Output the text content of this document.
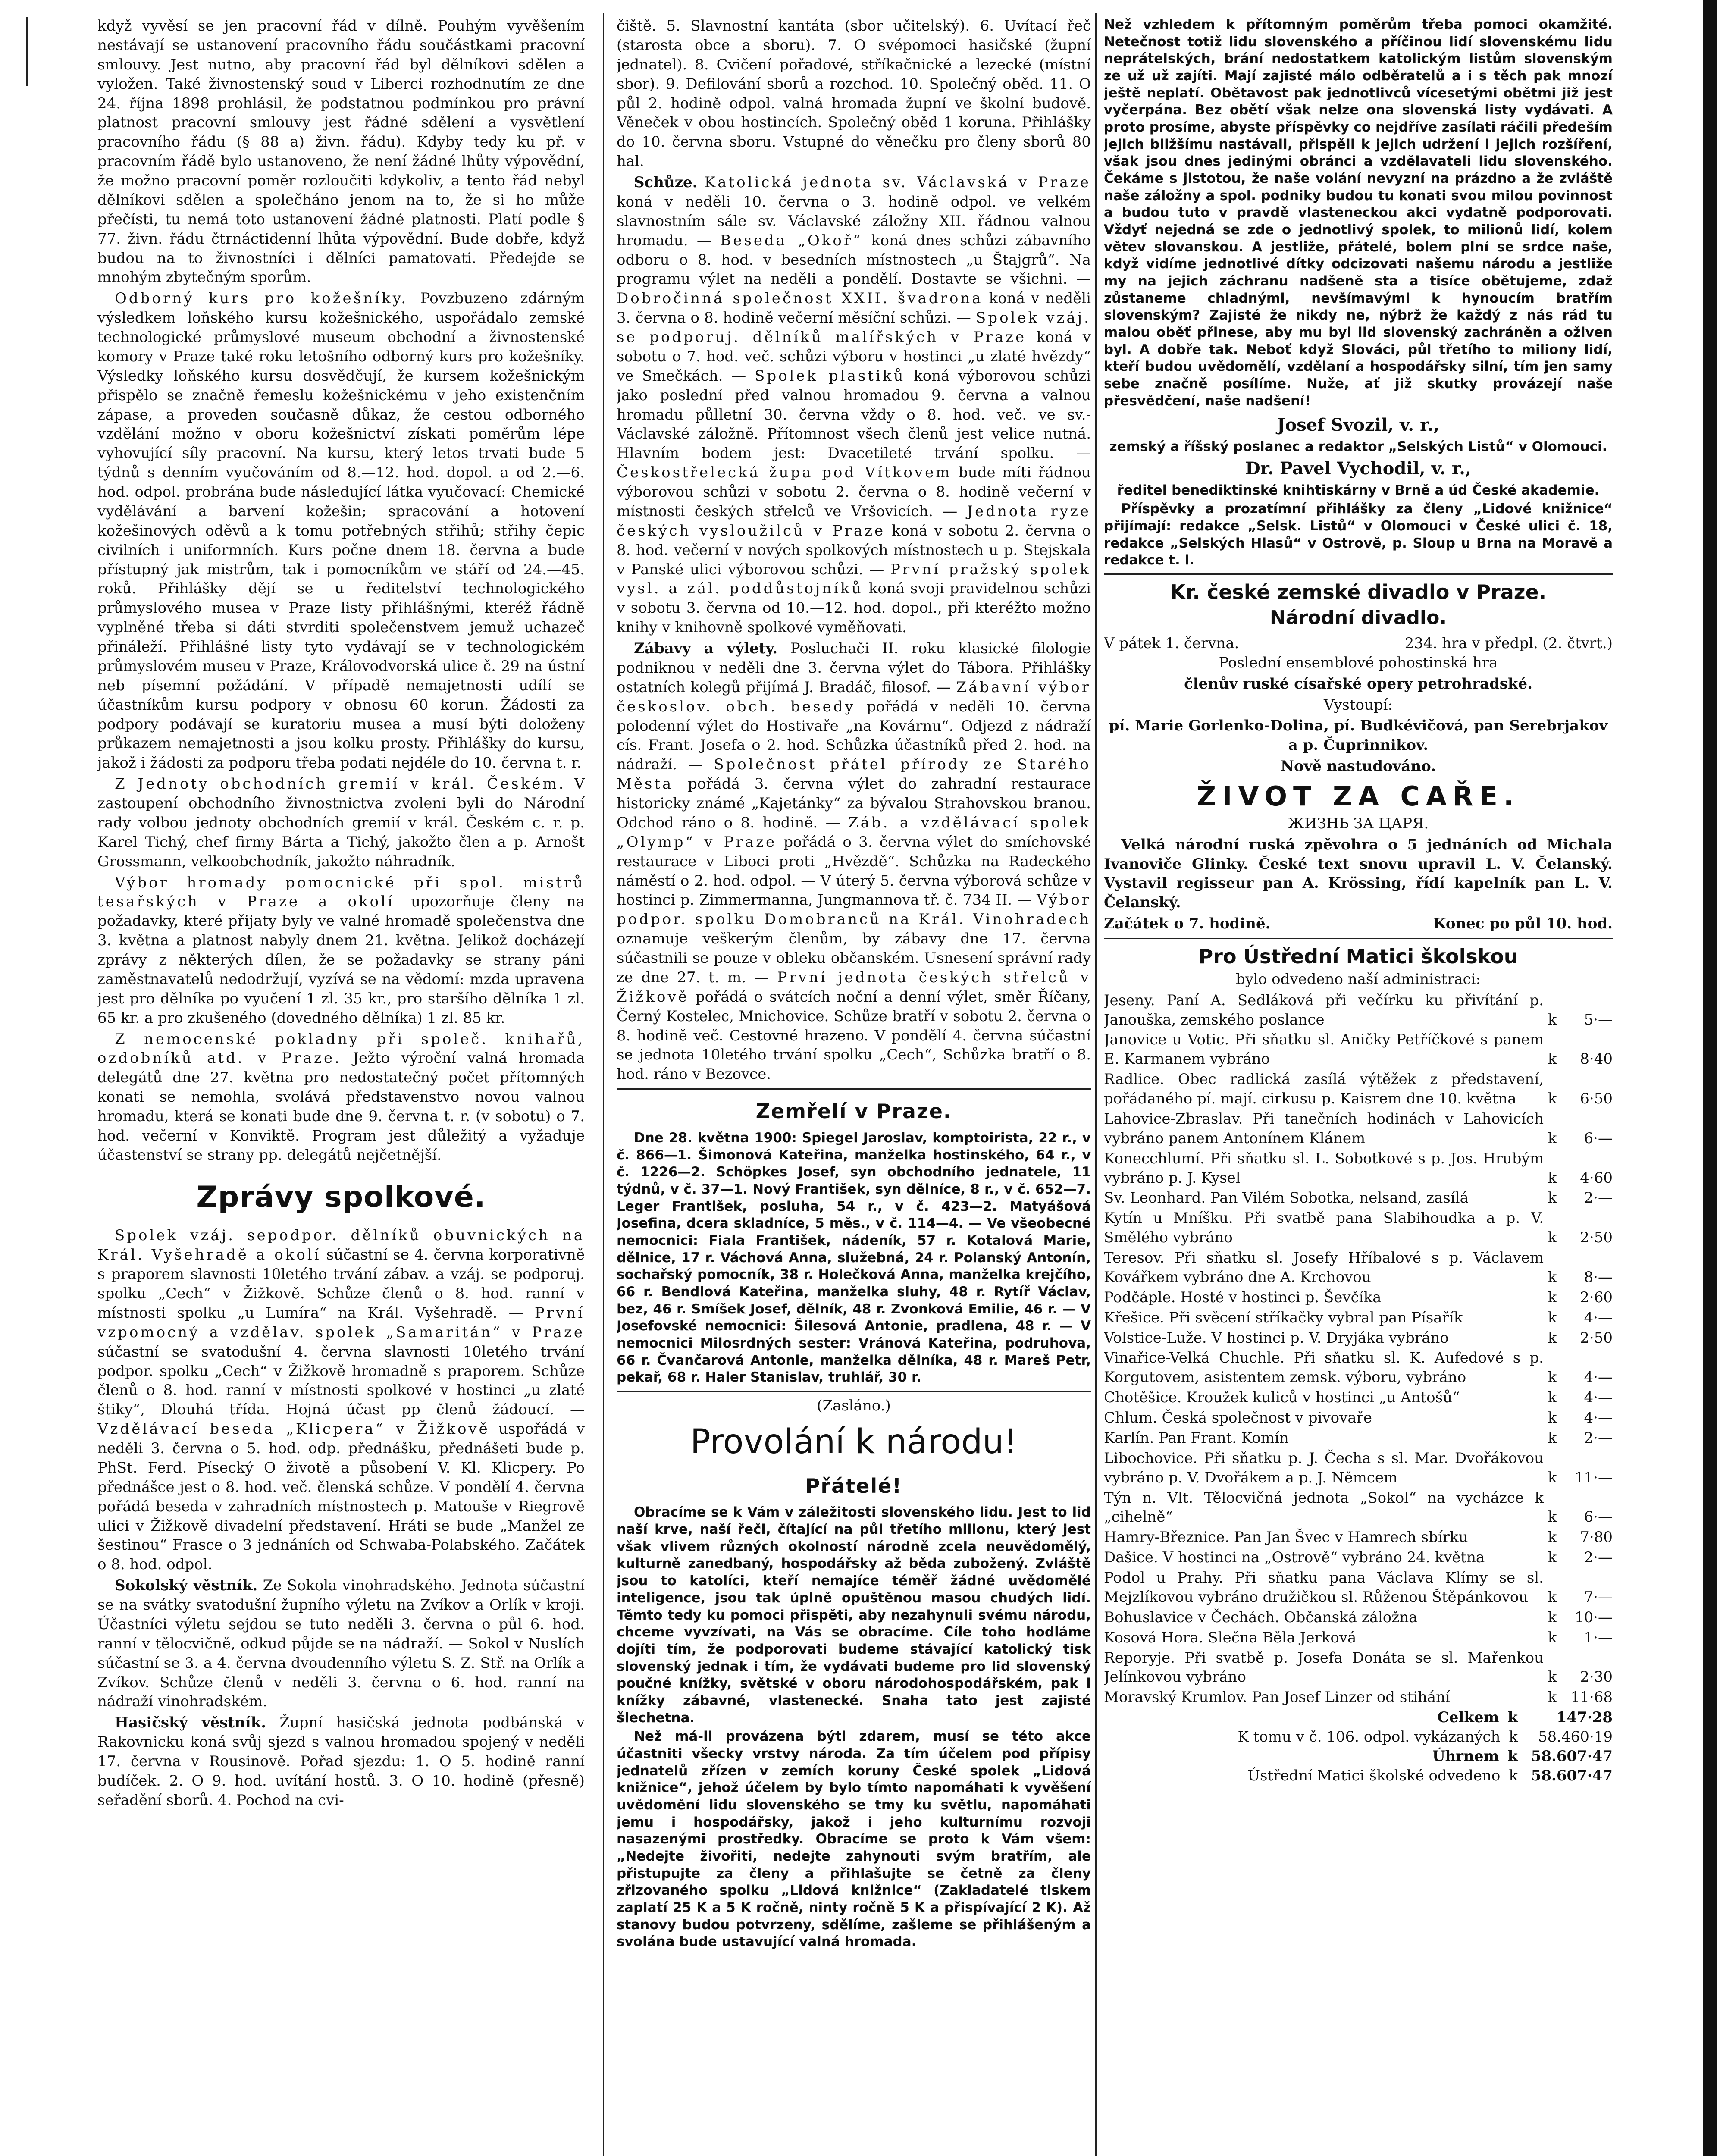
když vyvěsí se jen pracovní řád v dílně. Pouhým vyvěšením nestávají se ustanovení pracovního řádu součástkami pracovní smlouvy. Jest nutno, aby pracovní řád byl dělníkovi sdělen a vyložen. Také živnostenský soud v Liberci rozhodnutím ze dne 24. října 1898 prohlásil, že podstatnou podmínkou pro právní platnost pracovní smlouvy jest řádné sdělení a vysvětlení pracovního řádu (§ 88 a) živn. řádu). Kdyby tedy ku př. v pracovním řádě bylo ustanoveno, že není žádné lhůty výpovědní, že možno pracovní poměr rozloučiti kdykoliv, a tento řád nebyl dělníkovi sdělen a společháno jenom na to, že si ho může přečísti, tu nemá toto ustanovení žádné platnosti. Platí podle § 77. živn. řádu čtrnáctidenní lhůta výpovědní. Bude dobře, když budou na to živnostníci i dělníci pamatovati. Předejde se mnohým zbytečným sporům.

Odborný kurs pro kožešníky. Povzbuzeno zdárným výsledkem loňského kursu kožešnického, uspořádalo zemské technologické průmyslové museum obchodní a živnostenské komory v Praze také roku letošního odborný kurs pro kožešníky. Výsledky loňského kursu dosvědčují, že kursem kožešnickým přispělo se značně řemeslu kožešnickému v jeho existenčním zápase, a proveden současně důkaz, že cestou odborného vzdělání možno v oboru kožešnictví získati poměrům lépe vyhovující síly pracovní. Na kursu, který letos trvati bude 5 týdnů s denním vyučováním od 8.—12. hod. dopol. a od 2.—6. hod. odpol. probrána bude následující látka vyučovací: Chemické vydělávání a barvení kožešin; spracování a hotovení kožešinových oděvů a k tomu potřebných střihů; střihy čepic civilních i uniformních. Kurs počne dnem 18. června a bude přístupný jak mistrům, tak i pomocníkům ve stáří od 24.—45. roků. Přihlášky dějí se u ředitelství technologického průmyslového musea v Praze listy přihlášnými, kteréž řádně vyplněné třeba si dáti stvrditi společenstvem jemuž uchazeč přináleží. Přihlášné listy tyto vydávají se v technologickém průmyslovém museu v Praze, Královodvorská ulice č. 29 na ústní neb písemní požádání. V případě nemajetnosti udílí se účastníkům kursu podpory v obnosu 60 korun. Žádosti za podpory podávají se kuratoriu musea a musí býti doloženy průkazem nemajetnosti a jsou kolku prosty. Přihlášky do kursu, jakož i žádosti za podporu třeba podati nejdéle do 10. června t. r.

Z Jednoty obchodních gremií v král. Českém. V zastoupení obchodního živnostnictva zvoleni byli do Národní rady volbou jednoty obchodních gremií v král. Českém c. r. p. Karel Tichý, chef firmy Bárta a Tichý, jakožto člen a p. Arnošt Grossmann, velkoobchodník, jakožto náhradník.

Výbor hromady pomocnické při spol. mistrů tesařských v Praze a okolí upozorňuje členy na požadavky, které přijaty byly ve valné hromadě společenstva dne 3. května a platnost nabyly dnem 21. května. Jelikož docházejí zprávy z některých dílen, že se požadavky se strany páni zaměstnavatelů nedodržují, vyzívá se na vědomí: mzda upravena jest pro dělníka po vyučení 1 zl. 35 kr., pro staršího dělníka 1 zl. 65 kr. a pro zkušeného (dovedného dělníka) 1 zl. 85 kr.

Z nemocenské pokladny při společ. knihařů, ozdobníků atd. v Praze. Ježto výroční valná hromada delegátů dne 27. května pro nedostatečný počet přítomných konati se nemohla, svolává představenstvo novou valnou hromadu, která se konati bude dne 9. června t. r. (v sobotu) o 7. hod. večerní v Konviktě. Program jest důležitý a vyžaduje účastenství se strany pp. delegátů nejčetnější.

Zprávy spolkové.

Spolek vzáj. sepodpor. dělníků obuvnických na Král. Vyšehradě a okolí súčastní se 4. června korporativně s praporem slavnosti 10letého trvání zábav. a vzáj. se podporuj. spolku „Cech“ v Žižkově. Schůze členů o 8. hod. ranní v místnosti spolku „u Lumíra“ na Král. Vyšehradě. — První vzpomocný a vzdělav. spolek „Samaritán“ v Praze súčastní se svatodušní 4. června slavnosti 10letého trvání podpor. spolku „Cech“ v Žižkově hromadně s praporem. Schůze členů o 8. hod. ranní v místnosti spolkové v hostinci „u zlaté štiky“, Dlouhá třída. Hojná účast pp členů žádoucí. — Vzdělávací beseda „Klicpera“ v Žižkově uspořádá v neděli 3. června o 5. hod. odp. přednášku, přednášeti bude p. PhSt. Ferd. Písecký O životě a působení V. Kl. Klicpery. Po přednášce jest o 8. hod. več. členská schůze. V pondělí 4. června pořádá beseda v zahradních místnostech p. Matouše v Riegrově ulici v Žižkově divadelní představení. Hráti se bude „Manžel ze šestinou“ Frasce o 3 jednáních od Schwaba-Polabského. Začátek o 8. hod. odpol.

Sokolský věstník. Ze Sokola vinohradského. Jednota súčastní se na svátky svatodušní župního výletu na Zvíkov a Orlík v kroji. Účastníci výletu sejdou se tuto neděli 3. června o půl 6. hod. ranní v tělocvičně, odkud půjde se na nádraží. — Sokol v Nuslích súčastní se 3. a 4. června dvoudenního výletu S. Z. Stř. na Orlík a Zvíkov. Schůze členů v neděli 3. června o 6. hod. ranní na nádraží vinohradském.

Hasičský věstník. Župní hasičská jednota podbánská v Rakovnicku koná svůj sjezd s valnou hromadou spojený v neděli 17. června v Rousinově. Pořad sjezdu: 1. O 5. hodině ranní budíček. 2. O 9. hod. uvítání hostů. 3. O 10. hodině (přesně) seřadění sborů. 4. Pochod na cvi-

čiště. 5. Slavnostní kantáta (sbor učitelský). 6. Uvítací řeč (starosta obce a sboru). 7. O svépomoci hasičské (župní jednatel). 8. Cvičení pořadové, stříkačnické a lezecké (místní sbor). 9. Defilování sborů a rozchod. 10. Společný oběd. 11. O půl 2. hodině odpol. valná hromada župní ve školní budově. Věneček v obou hostincích. Společný oběd 1 koruna. Přihlášky do 10. června sboru. Vstupné do věnečku pro členy sborů 80 hal.

Schůze. Katolická jednota sv. Václavská v Praze koná v neděli 10. června o 3. hodině odpol. ve velkém slavnostním sále sv. Václavské záložny XII. řádnou valnou hromadu. — Beseda „Okoř“ koná dnes schůzi zábavního odboru o 8. hod. v besedních místnostech „u Štajgrů“. Na programu výlet na neděli a pondělí. Dostavte se všichni. — Dobročinná společnost XXII. švadrona koná v neděli 3. června o 8. hodině večerní měsíční schůzi. — Spolek vzáj. se podporuj. dělníků malířských v Praze koná v sobotu o 7. hod. več. schůzi výboru v hostinci „u zlaté hvězdy“ ve Smečkách. — Spolek plastiků koná výborovou schůzi jako poslední před valnou hromadou 9. června a valnou hromadu půlletní 30. června vždy o 8. hod. več. ve sv.-Václavské záložně. Přítomnost všech členů jest velice nutná. Hlavním bodem jest: Dvacetileté trvání spolku. — Českostřelecká župa pod Vítkovem bude míti řádnou výborovou schůzi v sobotu 2. června o 8. hodině večerní v místnosti českých střelců ve Vršovicích. — Jednota ryze českých vysloužilců v Praze koná v sobotu 2. června o 8. hod. večerní v nových spolkových místnostech u p. Stejskala v Panské ulici výborovou schůzi. — První pražský spolek vysl. a zál. poddůstojníků koná svoji pravidelnou schůzi v sobotu 3. června od 10.—12. hod. dopol., při kteréžto možno knihy v knihovně spolkové vyměňovati.

Zábavy a výlety. Posluchači II. roku klasické filologie podniknou v neděli dne 3. června výlet do Tábora. Přihlášky ostatních kolegů přijímá J. Bradáč, filosof. — Zábavní výbor českoslov. obch. besedy pořádá v neděli 10. června polodenní výlet do Hostivaře „na Kovárnu“. Odjezd z nádraží cís. Frant. Josefa o 2. hod. Schůzka účastníků před 2. hod. na nádraží. — Společnost přátel přírody ze Starého Města pořádá 3. června výlet do zahradní restaurace historicky známé „Kajetánky“ za bývalou Strahovskou branou. Odchod ráno o 8. hodině. — Záb. a vzdělávací spolek „Olymp“ v Praze pořádá o 3. června výlet do smíchovské restaurace v Liboci proti „Hvězdě“. Schůzka na Radeckého náměstí o 2. hod. odpol. — V úterý 5. června výborová schůze v hostinci p. Zimmermanna, Jungmannova tř. č. 734 II. — Výbor podpor. spolku Domobranců na Král. Vinohradech oznamuje veškerým členům, by zábavy dne 17. června súčastnili se pouze v obleku občanském. Usnesení správní rady ze dne 27. t. m. — První jednota českých střelců v Žižkově pořádá o svátcích noční a denní výlet, směr Říčany, Černý Kostelec, Mnichovice. Schůze bratří v sobotu 2. června o 8. hodině več. Cestovné hrazeno. V pondělí 4. června súčastní se jednota 10letého trvání spolku „Cech“, Schůzka bratří o 8. hod. ráno v Bezovce.

Zemřelí v Praze.

Dne 28. května 1900: Spiegel Jaroslav, komptoirista, 22 r., v č. 866—1. Šimonová Kateřina, manželka hostinského, 64 r., v č. 1226—2. Schöpkes Josef, syn obchodního jednatele, 11 týdnů, v č. 37—1. Nový František, syn dělníce, 8 r., v č. 652—7. Leger František, posluha, 54 r., v č. 423—2. Matyášová Josefina, dcera skladníce, 5 měs., v č. 114—4. — Ve všeobecné nemocnici: Fiala František, nádeník, 57 r. Kotalová Marie, dělnice, 17 r. Váchová Anna, služebná, 24 r. Polanský Antonín, sochařský pomocník, 38 r. Holečková Anna, manželka krejčího, 66 r. Bendlová Kateřina, manželka sluhy, 48 r. Rytíř Václav, bez, 46 r. Smíšek Josef, dělník, 48 r. Zvonková Emilie, 46 r. — V Josefovské nemocnici: Šilesová Antonie, pradlena, 48 r. — V nemocnici Milosrdných sester: Vránová Kateřina, podruhova, 66 r. Čvančarová Antonie, manželka dělníka, 48 r. Mareš Petr, pekař, 68 r. Haler Stanislav, truhlář, 30 r.

(Zasláno.)

Provolání k národu!
Přátelé!

Obracíme se k Vám v záležitosti slovenského lidu. Jest to lid naší krve, naší řeči, čítající na půl třetího milionu, který jest však vlivem různých okolností národně zcela neuvědomělý, kulturně zanedbaný, hospodářsky až běda zubožený. Zvláště jsou to katolíci, kteří nemajíce téměř žádné uvědomělé inteligence, jsou tak úplně opuštěnou masou chudých lidí. Těmto tedy ku pomoci přispěti, aby nezahynuli svému národu, chceme vyvzívati, na Vás se obracíme. Cíle toho hodláme dojíti tím, že podporovati budeme stávající katolický tisk slovenský jednak i tím, že vydávati budeme pro lid slovenský poučné knížky, světské v oboru národohospodářském, pak i knížky zábavné, vlastenecké. Snaha tato jest zajisté šlechetna.

Než má-li provázena býti zdarem, musí se této akce účastniti všecky vrstvy národa. Za tím účelem pod přípisy jednatelů zřízen v zemích koruny České spolek „Lidová knižnice“, jehož účelem by bylo tímto napomáhati k vyvěšení uvědomění lidu slovenského se tmy ku světlu, napomáhati jemu i hospodářsky, jakož i jeho kulturnímu rozvoji nasazenými prostředky. Obracíme se proto k Vám všem: „Nedejte živořiti, nedejte zahynouti svým bratřím, ale přistupujte za členy a přihlašujte se četně za členy zřizovaného spolku „Lidová knižnice“ (Zakladatelé tiskem zaplatí 25 K a 5 K ročně, ninty ročně 5 K a přispívající 2 K). Až stanovy budou potvrzeny, sdělíme, zašleme se přihlášeným a svolána bude ustavující valná hromada.

Než vzhledem k přítomným poměrům třeba pomoci okamžité. Netečnost totiž lidu slovenského a příčinou lidí slovenskému lidu neprátelských, brání nedostatkem katolickým listům slovenským ze už už zajíti. Mají zajisté málo odběratelů a i s těch pak mnozí ještě neplatí. Obětavost pak jednotlivců vícesetými obětmi již jest vyčerpána. Bez obětí však nelze ona slovenská listy vydávati. A proto prosíme, abyste příspěvky co nejdříve zasílati ráčili předeším jejich bližšímu nastávali, přispěli k jejich udržení i jejich rozšíření, však jsou dnes jedinými obránci a vzdělavateli lidu slovenského. Čekáme s jistotou, že naše volání nevyzní na prázdno a že zvláště naše záložny a spol. podniky budou tu konati svou milou povinnost a budou tuto v pravdě vlasteneckou akci vydatně podporovati. Vždyť nejedná se zde o jednotlivý spolek, to milionů lidí, kolem větev slovanskou. A jestliže, přátelé, bolem plní se srdce naše, když vidíme jednotlivé dítky odcizovati našemu národu a jestliže my na jejich záchranu nadšeně sta a tisíce obětujeme, zdaž zůstaneme chladnými, nevšímavými k hynoucím bratřím slovenským? Zajisté že nikdy ne, nýbrž že každý z nás rád tu malou oběť přinese, aby mu byl lid slovenský zachráněn a oživen byl. A dobře tak. Neboť když Slováci, půl třetího to miliony lidí, kteří budou uvědomělí, vzdělaní a hospodářsky silní, tím jen samy sebe značně posílíme. Nuže, ať již skutky provázejí naše přesvědčení, naše nadšení!

Josef Svozil, v. r.,

zemský a říšský poslanec a redaktor „Selských Listů“ v Olomouci.

Dr. Pavel Vychodil, v. r.,

ředitel benediktinské knihtiskárny v Brně a úd České akademie.

Příspěvky a prozatímní přihlášky za členy „Lidové knižnice“ přijímají: redakce „Selsk. Listů“ v Olomouci v České ulici č. 18, redakce „Selských Hlasů“ v Ostrově, p. Sloup u Brna na Moravě a redakce t. l.

Kr. české zemské divadlo v Praze.
Národní divadlo.
V pátek 1. června.	234. hra v předpl. (2. čtvrt.)

Poslední ensemblové pohostinská hra

členův ruské císařské opery petrohradské.

Vystoupí:

pí. Marie Gorlenko-Dolina, pí. Budkévičová, pan Serebrjakov a p. Čuprinnikov.

Nově nastudováno.

ŽIVOT ZA CAŘE.

ЖИЗНЬ ЗА ЦАРЯ.

Velká národní ruská zpěvohra o 5 jednáních od Michala Ivanoviče Glinky. České text snovu upravil L. V. Čelanský. Vystavil regisseur pan A. Krössing, řídí kapelník pan L. V. Čelanský.

Začátek o 7. hodině.	Konec po půl 10. hod.
Pro Ústřední Matici školskou

bylo odvedeno naší administraci:

Jeseny. Paní A. Sedláková při večírku ku přivítání p. Janouška, zemského poslance	k	5·—
Janovice u Votic. Při sňatku sl. Aničky Petříčkové s panem E. Karmanem vybráno	k	8·40
Radlice. Obec radlická zasílá výtěžek z představení, pořádaného pí. mají. cirkusu p. Kaisrem dne 10. května	k	6·50
Lahovice-Zbraslav. Při tanečních hodinách v Lahovicích vybráno panem Antonínem Klánem	k	6·—
Konecchlumí. Při sňatku sl. L. Sobotkové s p. Jos. Hrubým vybráno p. J. Kysel	k	4·60
Sv. Leonhard. Pan Vilém Sobotka, nelsand, zasílá	k	2·—
Kytín u Mníšku. Při svatbě pana Slabihoudka a p. V. Smělého vybráno	k	2·50
Teresov. Při sňatku sl. Josefy Hříbalové s p. Václavem Kovářkem vybráno dne A. Krchovou	k	8·—
Podčáple. Hosté v hostinci p. Ševčíka	k	2·60
Křešice. Při svěcení stříkačky vybral pan Písařík	k	4·—
Volstice-Luže. V hostinci p. V. Dryjáka vybráno	k	2·50
Vinařice-Velká Chuchle. Při sňatku sl. K. Aufedové s p. Korgutovem, asistentem zemsk. výboru, vybráno	k	4·—
Chotěšice. Kroužek kuliců v hostinci „u Antošů“	k	4·—
Chlum. Česká společnost v pivovaře	k	4·—
Karlín. Pan Frant. Komín	k	2·—
Libochovice. Při sňatku p. J. Čecha s sl. Mar. Dvořákovou vybráno p. V. Dvořákem a p. J. Němcem	k	11·—
Týn n. Vlt. Tělocvičná jednota „Sokol“ na vycházce k „cihelně“	k	6·—
Hamry-Březnice. Pan Jan Švec v Hamrech sbírku	k	7·80
Dašice. V hostinci na „Ostrově“ vybráno 24. května	k	2·—
Podol u Prahy. Při sňatku pana Václava Klímy se sl. Mejzlíkovou vybráno družičkou sl. Růženou Štěpánkovou	k	7·—
Bohuslavice v Čechách. Občanská záložna	k	10·—
Kosová Hora. Slečna Běla Jerková	k	1·—
Reporyje. Při svatbě p. Josefa Donáta se sl. Mařenkou Jelínkovou vybráno	k	2·30
Moravský Krumlov. Pan Josef Linzer od stihání	k 11·68
Celkem k	147·28
K tomu v č. 106. odpol. vykázaných k	58.460·19
Úhrnem k 58.607·47
Ústřední Matici školské odvedeno k 58.607·47
